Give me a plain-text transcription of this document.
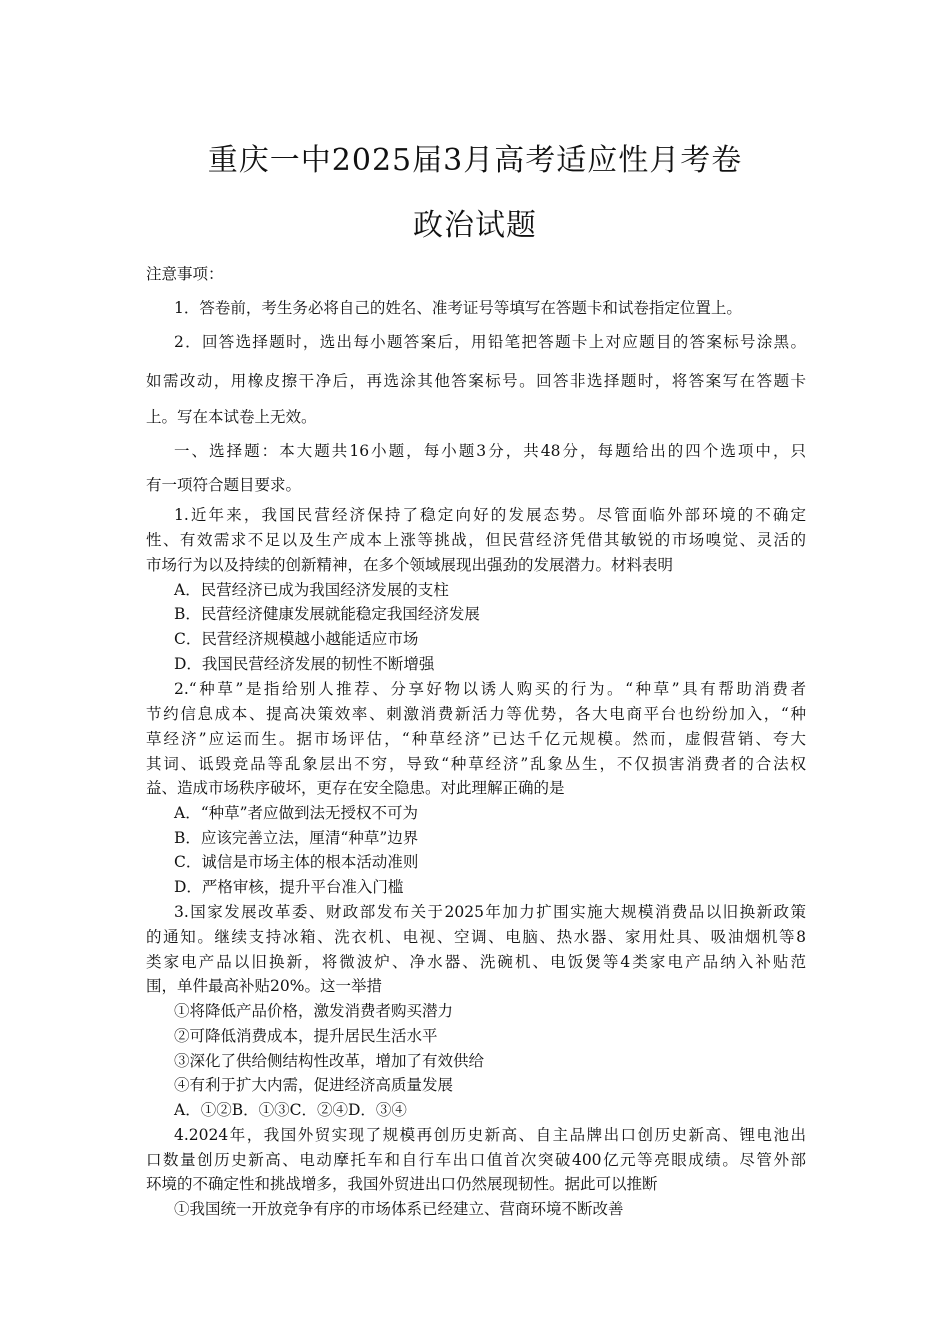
重庆一中2025届3月高考适应性月考卷
政治试题
注意事项：
1．答卷前，考生务必将自己的姓名、准考证号等填写在答题卡和试卷指定位置上。
2．回答选择题时，选出每小题答案后，用铅笔把答题卡上对应题目的答案标号涂黑。
如需改动，用橡皮擦干净后，再选涂其他答案标号。回答非选择题时，将答案写在答题卡
上。写在本试卷上无效。
一、选择题：本大题共16小题，每小题3分，共48分，每题给出的四个选项中，只
有一项符合题目要求。
1.近年来，我国民营经济保持了稳定向好的发展态势。尽管面临外部环境的不确定
性、有效需求不足以及生产成本上涨等挑战，但民营经济凭借其敏锐的市场嗅觉、灵活的
市场行为以及持续的创新精神，在多个领域展现出强劲的发展潜力。材料表明
A．民营经济已成为我国经济发展的支柱
B．民营经济健康发展就能稳定我国经济发展
C．民营经济规模越小越能适应市场
D．我国民营经济发展的韧性不断增强
2.“种草”是指给别人推荐、分享好物以诱人购买的行为。“种草”具有帮助消费者
节约信息成本、提高决策效率、刺激消费新活力等优势，各大电商平台也纷纷加入，“种
草经济”应运而生。据市场评估，“种草经济”已达千亿元规模。然而，虚假营销、夸大
其词、诋毁竞品等乱象层出不穷，导致“种草经济”乱象丛生，不仅损害消费者的合法权
益、造成市场秩序破坏，更存在安全隐患。对此理解正确的是
A．“种草”者应做到法无授权不可为
B．应该完善立法，厘清“种草”边界
C．诚信是市场主体的根本活动准则
D．严格审核，提升平台准入门槛
3.国家发展改革委、财政部发布关于2025年加力扩围实施大规模消费品以旧换新政策
的通知。继续支持冰箱、洗衣机、电视、空调、电脑、热水器、家用灶具、吸油烟机等8
类家电产品以旧换新，将微波炉、净水器、洗碗机、电饭煲等4类家电产品纳入补贴范
围，单件最高补贴20%。这一举措
①将降低产品价格，激发消费者购买潜力
②可降低消费成本，提升居民生活水平
③深化了供给侧结构性改革，增加了有效供给
④有利于扩大内需，促进经济高质量发展
A．①②B．①③C．②④D．③④
4.2024年，我国外贸实现了规模再创历史新高、自主品牌出口创历史新高、锂电池出
口数量创历史新高、电动摩托车和自行车出口值首次突破400亿元等亮眼成绩。尽管外部
环境的不确定性和挑战增多，我国外贸进出口仍然展现韧性。据此可以推断
①我国统一开放竞争有序的市场体系已经建立、营商环境不断改善
